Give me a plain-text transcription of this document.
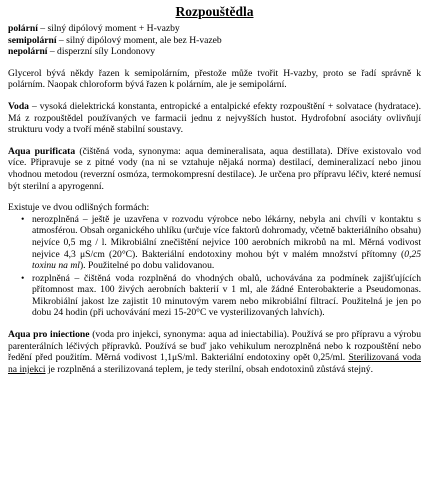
Rozpouštědla

polární – silný dipólový moment + H-vazby

semipolární – silný dipólový moment, ale bez H-vazeb

nepolární – disperzní síly Londonovy

Glycerol bývá někdy řazen k semipolárním, přestože může tvořit H-vazby, proto se řadí správně k polárním. Naopak chloroform bývá řazen k polárním, ale je semipolární.

Voda – vysoká dielektrická konstanta, entropické a entalpické efekty rozpouštění + solvatace (hydratace). Má z rozpouštědel používaných ve farmacii jednu z nejvyšších hustot. Hydrofobní asociáty ovlivňují strukturu vody a tvoří méně stabilní soustavy.

Aqua purificata (čištěná voda, synonyma: aqua demineralisata, aqua destillata). Dříve existovalo vod více. Připravuje se z pitné vody (na ni se vztahuje nějaká norma) destilací, demineralizací nebo jinou vhodnou metodou (reverzní osmóza, termokompresní destilace). Je určena pro přípravu léčiv, které nemusí být sterilní a apyrogenní.

Existuje ve dvou odlišných formách:

• nerozplněná – ještě je uzavřena v rozvodu výrobce nebo lékárny, nebyla ani chvíli v kontaktu s atmosférou. Obsah organického uhlíku (určuje více faktorů dohromady, včetně bakteriálního obsahu) nejvíce 0,5 mg / l. Mikrobiální znečištění nejvice 100 aerobních mikrobů na ml. Měrná vodivost nejvice 4,3 μS/cm (20°C). Bakteriální endotoxiny mohou být v malém množství přítomny (0,25 toxinu na ml). Použitelné po dobu validovanou.
• rozplněná – čištěná voda rozplněná do vhodných obalů, uchovávána za podmínek zajišťujících přítomnost max. 100 živých aerobních bakterií v 1 ml, ale žádné Enterobakterie a Pseudomonas. Mikrobiální jakost lze zajistit 10 minutovým varem nebo mikrobiální filtrací. Použitelná je jen po dobu 24 hodin (při uchovávání mezi 15-20°C ve vysterilizovaných lahvích).

Aqua pro iniectione (voda pro injekci, synonyma: aqua ad iniectabilia). Používá se pro přípravu a výrobu parenterálních léčivých přípravků. Používá se buď jako vehikulum nerozplněná nebo k rozpouštění nebo ředění před použitím. Měrná vodivost 1,1μS/ml. Bakteriální endotoxiny opět 0,25/ml. Sterilizovaná voda na injekci je rozplněná a sterilizovaná teplem, je tedy sterilní, obsah endotoxinů zůstává stejný.
